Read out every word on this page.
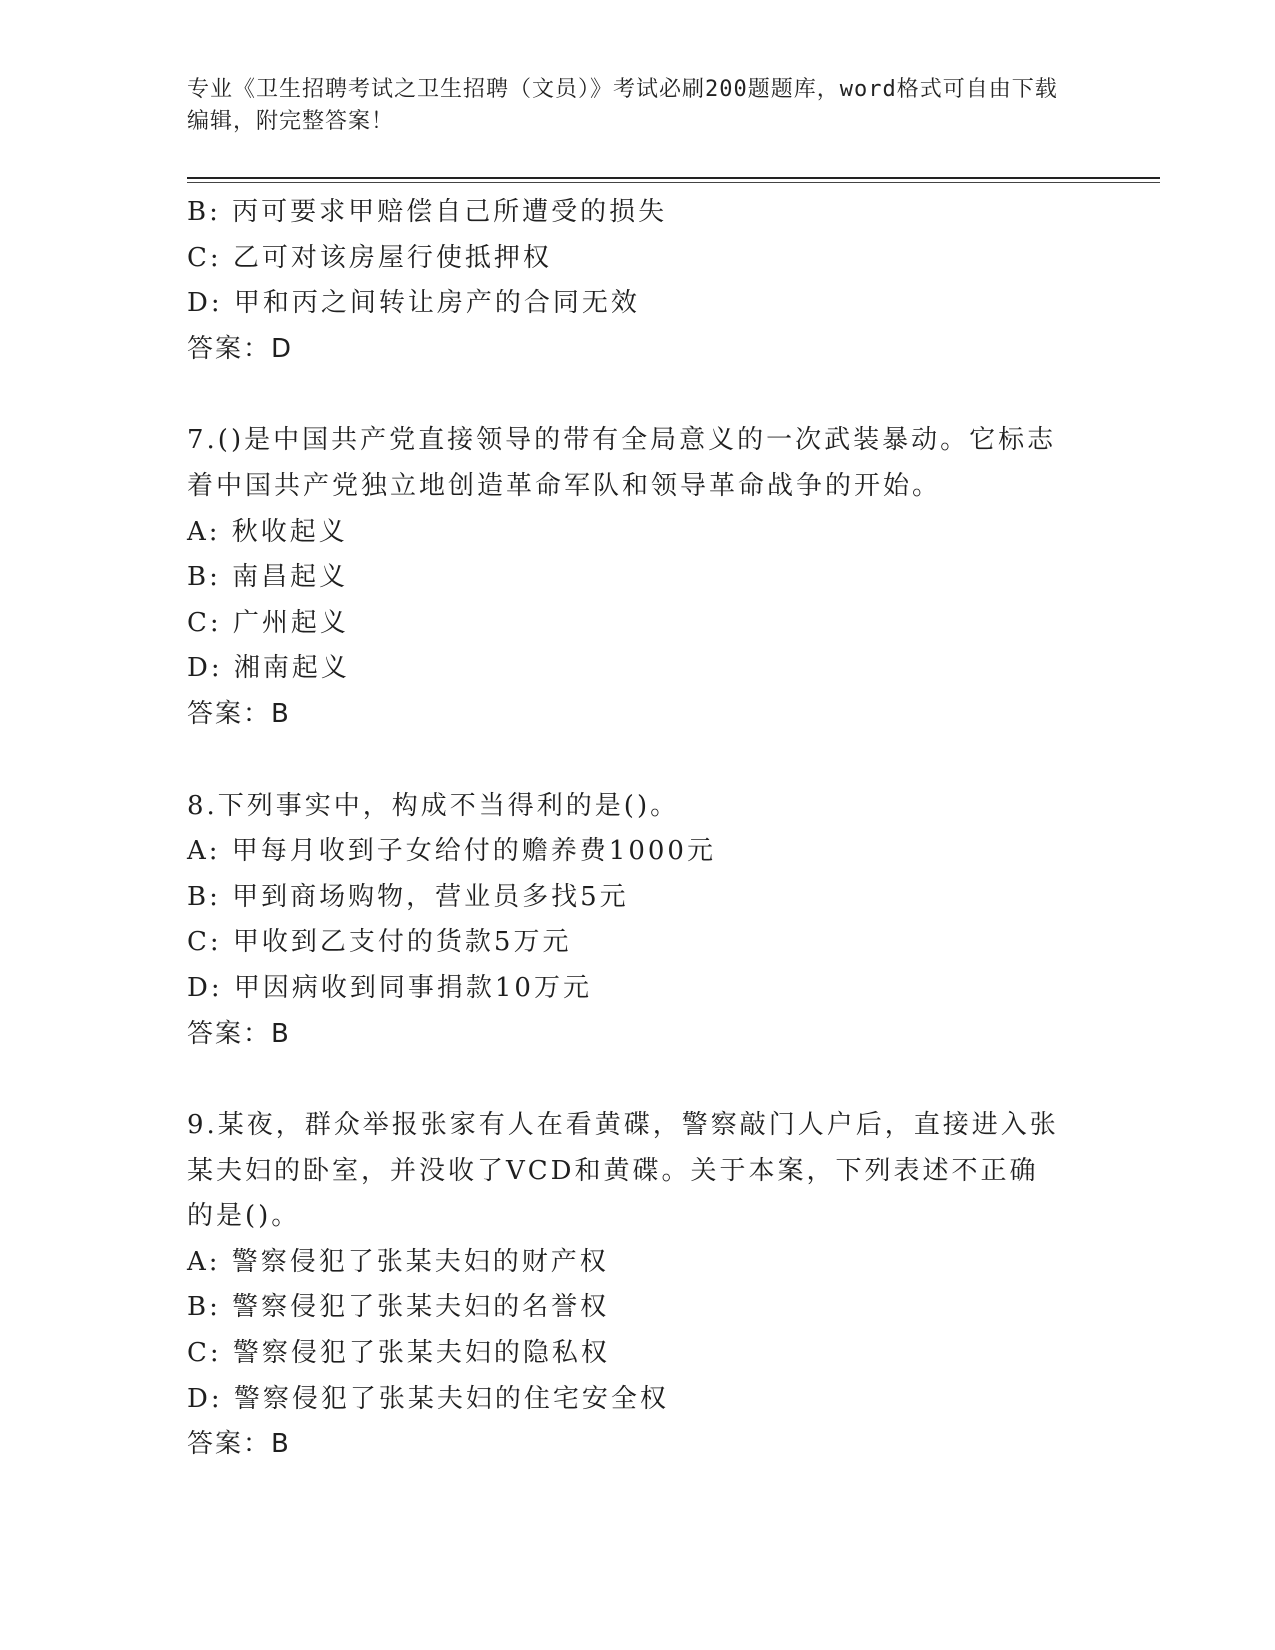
专业《卫生招聘考试之卫生招聘（文员）》考试必刷200题题库，word格式可自由下载编辑，附完整答案！
B: 丙可要求甲赔偿自己所遭受的损失
C: 乙可对该房屋行使抵押权
D: 甲和丙之间转让房产的合同无效
答案：D
7.()是中国共产党直接领导的带有全局意义的一次武装暴动。它标志着中国共产党独立地创造革命军队和领导革命战争的开始。
A: 秋收起义
B: 南昌起义
C: 广州起义
D: 湘南起义
答案：B
8.下列事实中，构成不当得利的是()。
A: 甲每月收到子女给付的赡养费1000元
B: 甲到商场购物，营业员多找5元
C: 甲收到乙支付的货款5万元
D: 甲因病收到同事捐款10万元
答案：B
9.某夜，群众举报张家有人在看黄碟，警察敲门人户后，直接进入张某夫妇的卧室，并没收了VCD和黄碟。关于本案，下列表述不正确的是()。
A: 警察侵犯了张某夫妇的财产权
B: 警察侵犯了张某夫妇的名誉权
C: 警察侵犯了张某夫妇的隐私权
D: 警察侵犯了张某夫妇的住宅安全权
答案：B
